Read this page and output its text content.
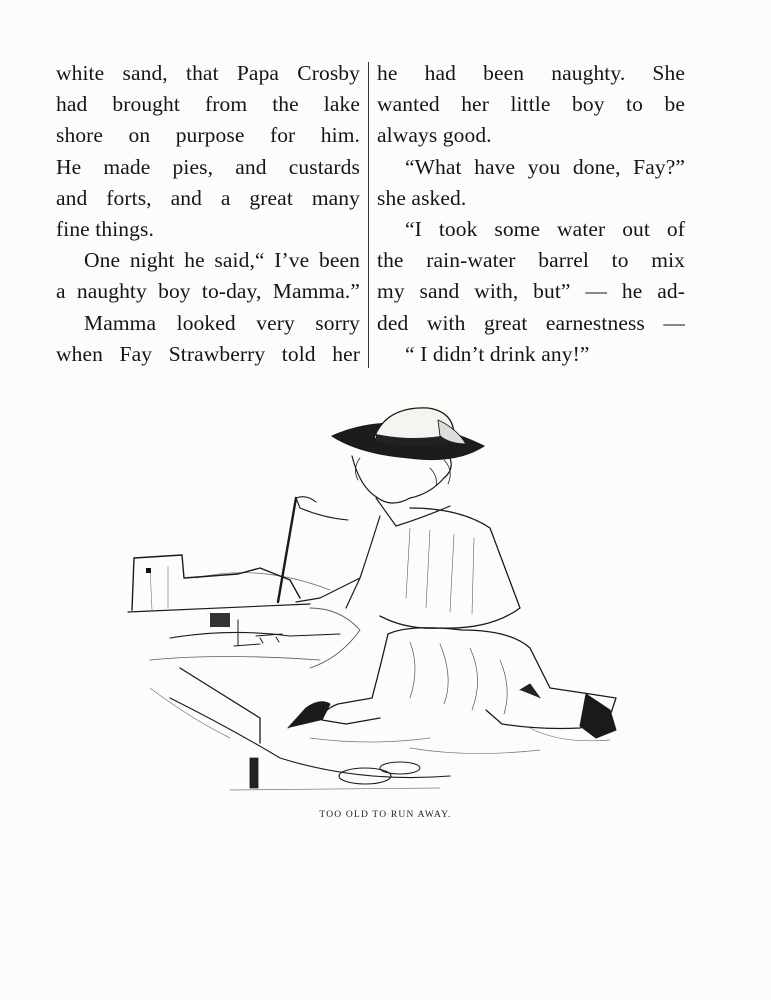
white sand, that Papa Crosby
had brought from the lake
shore on purpose for him.
He made pies, and custards
and forts, and a great many
fine things.
One night he said,“ I’ve been
a naughty boy to-day, Mamma.”
Mamma looked very sorry
when Fay Strawberry told her
he had been naughty. She
wanted her little boy to be
always good.
“What have you done, Fay?”
she asked.
“I took some water out of
the rain-water barrel to mix
my sand with, but” — he ad-
ded with great earnestness —
“ I didn’t drink any!”
TOO OLD TO RUN AWAY.
